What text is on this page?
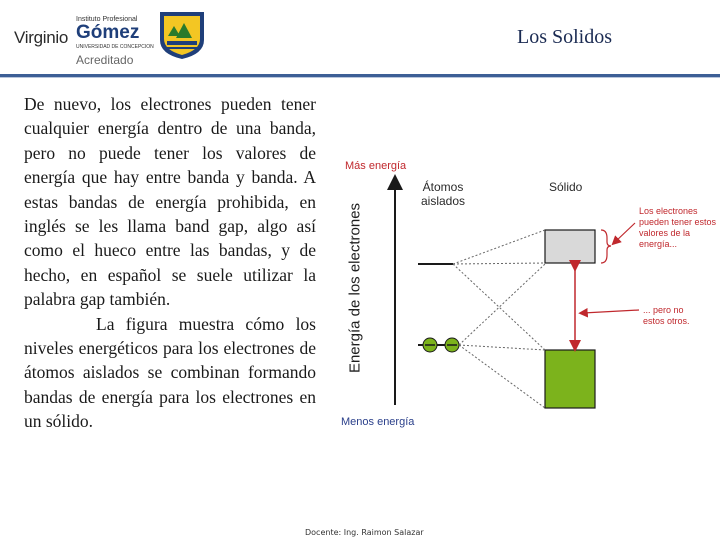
Virginio
Instituto Profesional
Gómez
UNIVERSIDAD DE CONCEPCION
Acreditado
Los Solidos

De nuevo, los electrones pueden tener cualquier energía dentro de una banda, pero no puede tener los valores de energía que hay entre banda y banda. A estas bandas de energía prohibida, en inglés se les llama band gap, algo así como el hueco entre las bandas, y de hecho, en español se suele utilizar la palabra gap también.

La figura muestra cómo los niveles energéticos para los electrones de átomos aislados se combinan formando bandas de energía para los electrones en un sólido.

Más energía
Menos energía
Átomos aislados
Sólido
Energía de los electrones	Los electrones pueden tener estos valores de la energía...
... pero no estos otros.
Docente: Ing. Raimon Salazar
